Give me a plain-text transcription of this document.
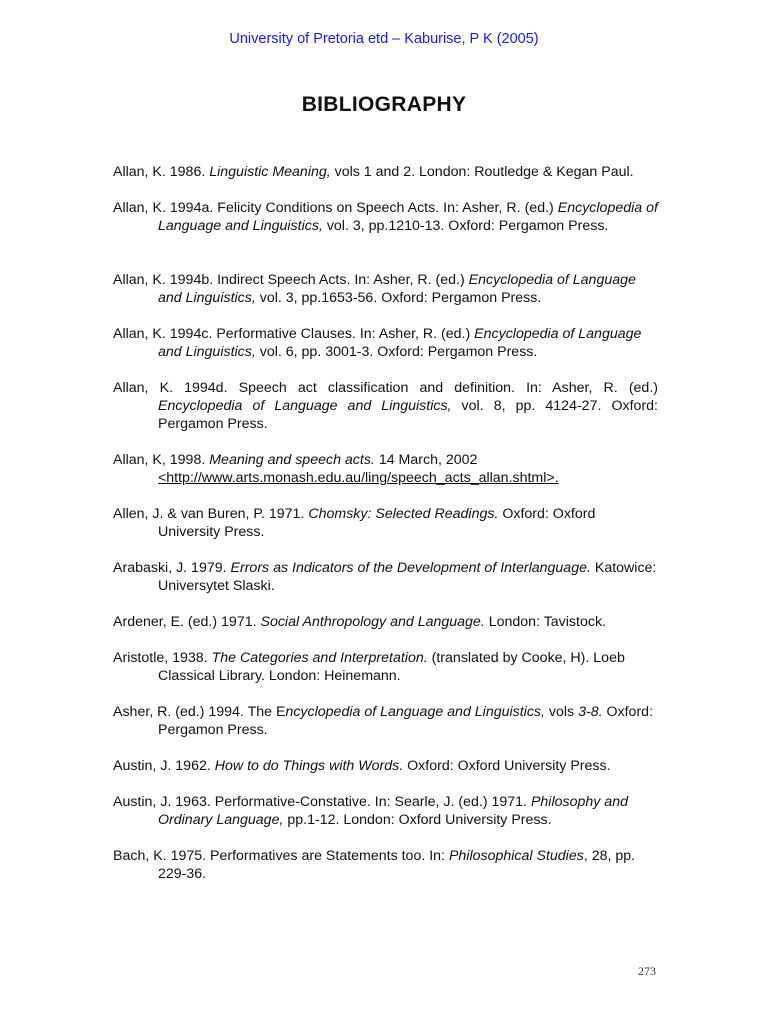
University of Pretoria etd – Kaburise, P K (2005)
BIBLIOGRAPHY

Allan, K. 1986. Linguistic Meaning, vols 1 and 2. London: Routledge & Kegan Paul.

Allan, K. 1994a. Felicity Conditions on Speech Acts. In: Asher, R. (ed.) Encyclopedia of Language and Linguistics, vol. 3, pp.1210-13. Oxford: Pergamon Press.

Allan, K. 1994b. Indirect Speech Acts. In: Asher, R. (ed.) Encyclopedia of Language and Linguistics, vol. 3, pp.1653-56. Oxford: Pergamon Press.

Allan, K. 1994c. Performative Clauses. In: Asher, R. (ed.) Encyclopedia of Language and Linguistics, vol. 6, pp. 3001-3. Oxford: Pergamon Press.

Allan, K. 1994d. Speech act classification and definition. In: Asher, R. (ed.) Encyclopedia of Language and Linguistics, vol. 8, pp. 4124-27. Oxford: Pergamon Press.

Allan, K, 1998. Meaning and speech acts. 14 March, 2002
<http://www.arts.monash.edu.au/ling/speech_acts_allan.shtml>.

Allen, J. & van Buren, P. 1971. Chomsky: Selected Readings. Oxford: Oxford University Press.

Arabaski, J. 1979. Errors as Indicators of the Development of Interlanguage. Katowice: Universytet Slaski.

Ardener, E. (ed.) 1971. Social Anthropology and Language. London: Tavistock.

Aristotle, 1938. The Categories and Interpretation. (translated by Cooke, H). Loeb Classical Library. London: Heinemann.

Asher, R. (ed.) 1994. The Encyclopedia of Language and Linguistics, vols 3-8. Oxford: Pergamon Press.

Austin, J. 1962. How to do Things with Words. Oxford: Oxford University Press.

Austin, J. 1963. Performative-Constative. In: Searle, J. (ed.) 1971. Philosophy and Ordinary Language, pp.1-12. London: Oxford University Press.

Bach, K. 1975. Performatives are Statements too. In: Philosophical Studies, 28, pp. 229-36.

273
